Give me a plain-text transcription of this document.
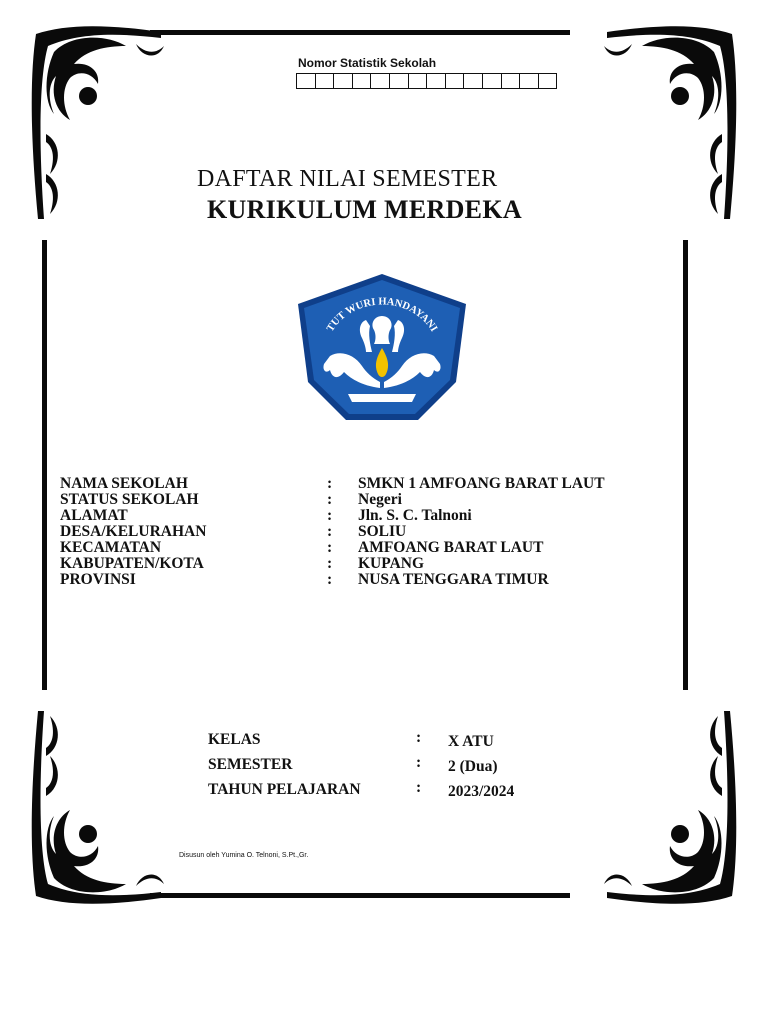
Nomor Statistik Sekolah
DAFTAR NILAI SEMESTER
KURIKULUM MERDEKA
TUT WURI HANDAYANI
NAMA SEKOLAH	: SMKN 1 AMFOANG BARAT LAUT
STATUS SEKOLAH	: Negeri
ALAMAT	: Jln. S. C. Talnoni
DESA/KELURAHAN	: SOLIU
KECAMATAN	: AMFOANG BARAT LAUT
KABUPATEN/KOTA	: KUPANG
PROVINSI	: NUSA TENGGARA TIMUR
KELAS	: X ATU
SEMESTER	: 2 (Dua)
TAHUN PELAJARAN	: 2023/2024
Disusun oleh Yumina O. Telnoni, S.Pt.,Gr.
